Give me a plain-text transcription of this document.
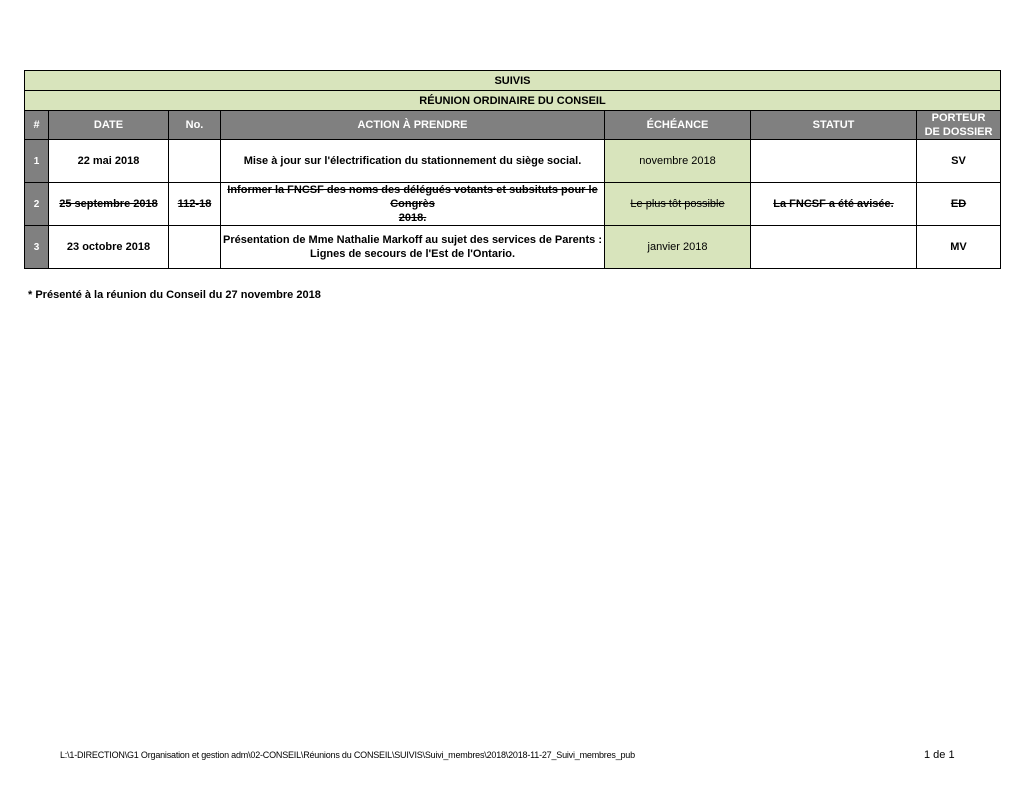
SUIVIS						
RÉUNION ORDINAIRE DU CONSEIL						
#	DATE	No.	ACTION À PRENDRE	ÉCHÉANCE	STATUT	PORTEUR
DE DOSSIER
1	22 mai 2018		Mise à jour sur l'électrification du stationnement du siège social.	novembre 2018		SV
2	25 septembre 2018	112-18	Informer la FNCSF des noms des délégués votants et subsituts pour le Congrès
2018.	Le plus tôt possible	La FNCSF a été avisée.	ED
3	23 octobre 2018		Présentation de Mme Nathalie Markoff au sujet des services de Parents :
Lignes de secours de l'Est de l'Ontario.	janvier 2018		MV
* Présenté à la réunion du Conseil du 27 novembre 2018
L:\1-DIRECTION\G1 Organisation et gestion adm\02-CONSEIL\Réunions du CONSEIL\SUIVIS\Suivi_membres\2018\2018-11-27_Suivi_membres_pub	1 de 1
